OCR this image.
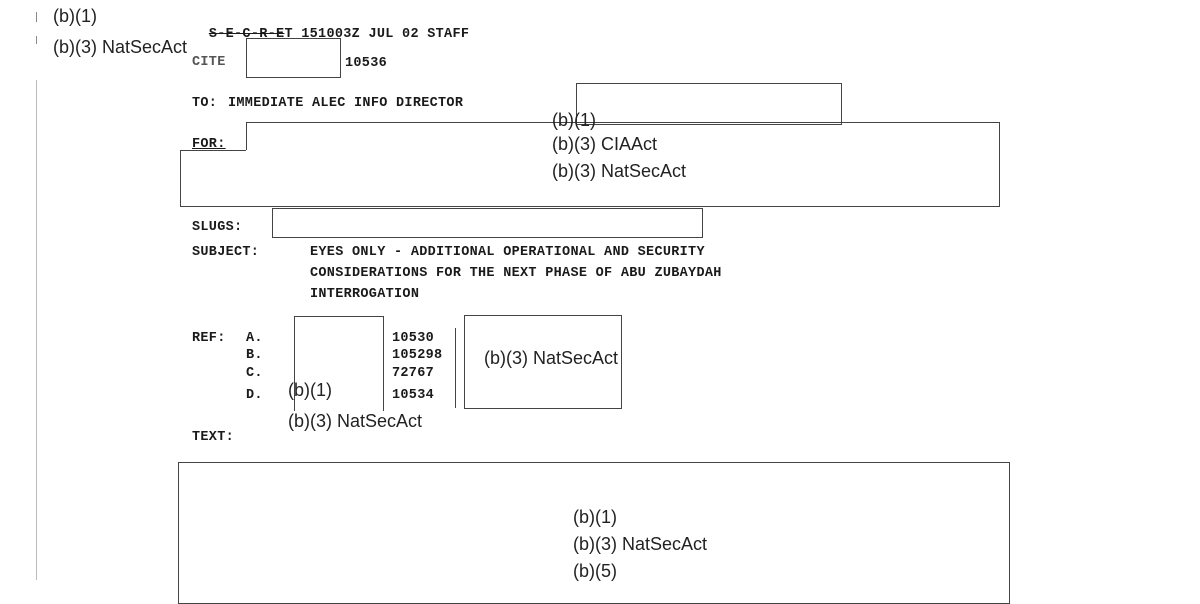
(b)(1)
(b)(3) NatSecAct

S-E-C-R-ET 151003Z JUL 02 STAFF

CITE	10536
TO: IMMEDIATE ALEC INFO DIRECTOR
FOR:
(b)(1)
(b)(3) CIAAct
(b)(3) NatSecAct
SLUGS:
SUBJECT:	EYES ONLY - ADDITIONAL OPERATIONAL AND SECURITY
CONSIDERATIONS FOR THE NEXT PHASE OF ABU ZUBAYDAH
INTERROGATION
REF: A.
B.
C.
D. (b)(1)
(b)(3) NatSecAct
10530
105298
72767
10534
(b)(3) NatSecAct
TEXT:
(b)(1)
(b)(3) NatSecAct
(b)(5)
